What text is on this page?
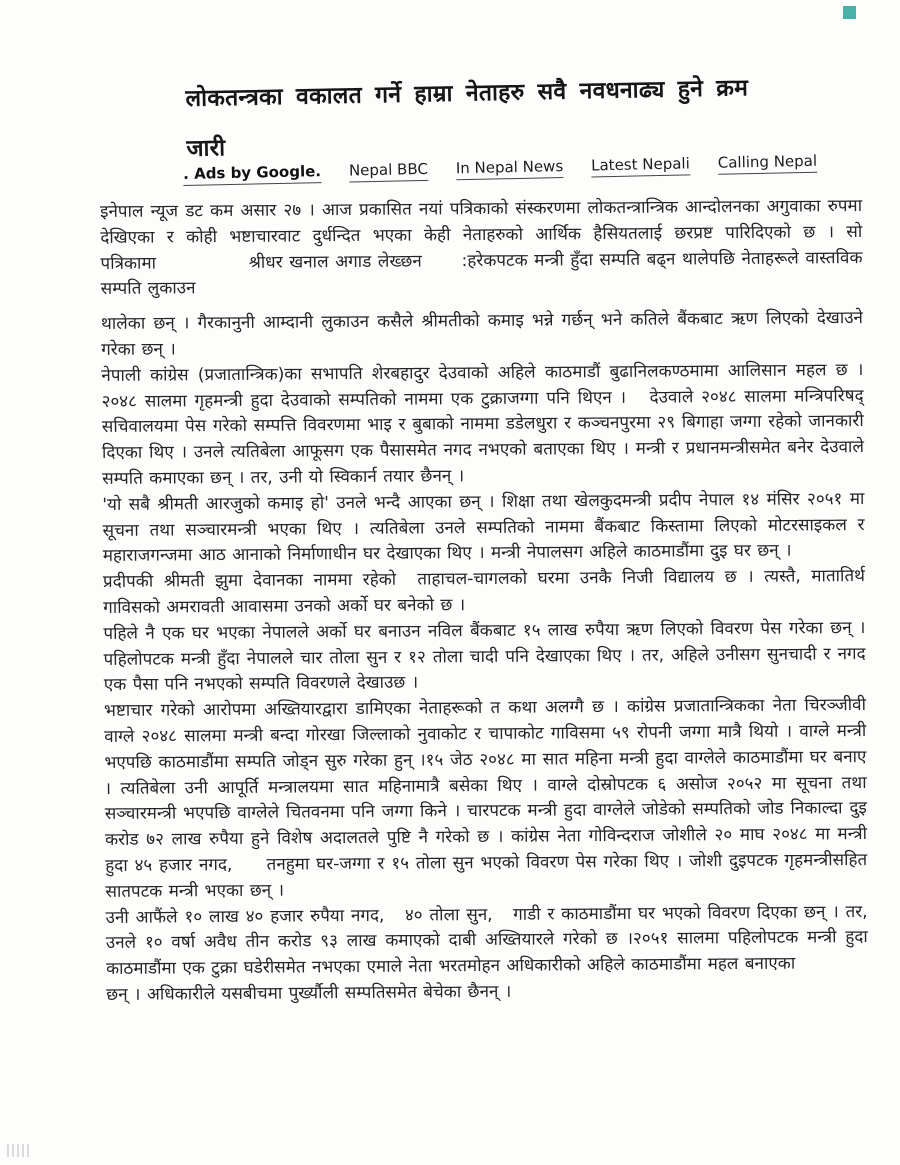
लोकतन्त्रका वकालत गर्ने हाम्रा नेताहरु सवै नवधनाढ्य हुने क्रम
जारी
. Ads by Google. Nepal BBC In Nepal News Latest Nepali Calling Nepal

इनेपाल न्यूज डट कम असार २७ । आज प्रकासित नयां पत्रिकाको संस्करणमा लोकतन्त्रान्त्रिक आन्दोलनका अगुवाका रुपमा देखिएका र कोही भष्टाचारवाट दुर्धन्दित भएका केही नेताहरुको आर्थिक हैसियतलाई छरप्रष्ट पारिदिएको छ । सो पत्रिकामा              श्रीधर खनाल अगाड लेख्छन      :हरेकपटक मन्त्री हुँदा सम्पति बढ्न थालेपछि नेताहरूले वास्तविक सम्पति लुकाउन

थालेका छन् । गैरकानुनी आम्दानी लुकाउन कसैले श्रीमतीको कमाइ भन्ने गर्छन् भने कतिले बैंकबाट ऋण लिएको देखाउने गरेका छन् ।

नेपाली कांग्रेस (प्रजातान्त्रिक)का सभापति शेरबहादुर देउवाको अहिले काठमाडौं बुढानिलकण्ठमामा आलिसान महल छ । २०४८ सालमा गृहमन्त्री हुदा देउवाको सम्पतिको नाममा एक टुक्राजग्गा पनि थिएन ।   देउवाले २०४८ सालमा मन्त्रिपरिषद् सचिवालयमा पेस गरेको सम्पत्ति विवरणमा भाइ र बुबाको नाममा डडेलधुरा र कञ्चनपुरमा २९ बिगाहा जग्गा रहेको जानकारी दिएका थिए । उनले त्यतिबेला आफूसग एक पैसासमेत नगद नभएको बताएका थिए । मन्त्री र प्रधानमन्त्रीसमेत बनेर देउवाले सम्पति कमाएका छन् । तर, उनी यो स्विकार्न तयार छैनन् ।

'यो सबै श्रीमती आरजुको कमाइ हो' उनले भन्दै आएका छन् । शिक्षा तथा खेलकुदमन्त्री प्रदीप नेपाल १४ मंसिर २०५१ मा सूचना तथा सञ्चारमन्त्री भएका थिए । त्यतिबेला उनले सम्पतिको नाममा बैंकबाट किस्तामा लिएको मोटरसाइकल र महाराजगन्जमा आठ आनाको निर्माणाधीन घर देखाएका थिए । मन्त्री नेपालसग अहिले काठमाडौंमा दुइ घर छन् ।

प्रदीपकी श्रीमती झुमा देवानका नाममा रहेको  ताहाचल-चागलको घरमा उनकै निजी विद्यालय छ । त्यस्तै, मातातिर्थ गाविसको अमरावती आवासमा उनको अर्को घर बनेको छ ।

पहिले नै एक घर भएका नेपालले अर्को घर बनाउन नविल बैंकबाट १५ लाख रुपैया ऋण लिएको विवरण पेस गरेका छन् । पहिलोपटक मन्त्री हुँदा नेपालले चार तोला सुन र १२ तोला चादी पनि देखाएका थिए । तर, अहिले उनीसग सुनचादी र नगद एक पैसा पनि नभएको सम्पति विवरणले देखाउछ ।

भष्टाचार गरेको आरोपमा अख्तियारद्वारा डामिएका नेताहरूको त कथा अलग्गै छ । कांग्रेस प्रजातान्त्रिकका नेता चिरञ्जीवी वाग्ले २०४८ सालमा मन्त्री बन्दा गोरखा जिल्लाको नुवाकोट र चापाकोट गाविसमा ५९ रोपनी जग्गा मात्रै थियो । वाग्ले मन्त्री भएपछि काठमाडौंमा सम्पति जोड्न सुरु गरेका हुन् ।१५ जेठ २०४८ मा सात महिना मन्त्री हुदा वाग्लेले काठमाडौंमा घर बनाए । त्यतिबेला उनी आपूर्ति मन्त्रालयमा सात महिनामात्रै बसेका थिए । वाग्ले दोस्रोपटक ६ असोज २०५२ मा सूचना तथा सञ्चारमन्त्री भएपछि वाग्लेले चितवनमा पनि जग्गा किने । चारपटक मन्त्री हुदा वाग्लेले जोडेको सम्पतिको जोड निकाल्दा दुइ करोड ७२ लाख रुपैया हुने विशेष अदालतले पुष्टि नै गरेको छ । कांग्रेस नेता गोविन्दराज जोशीले २० माघ २०४८ मा मन्त्री हुदा ४५ हजार नगद,     तनहुमा घर-जग्गा र १५ तोला सुन भएको विवरण पेस गरेका थिए । जोशी दुइपटक गृहमन्त्रीसहित सातपटक मन्त्री भएका छन् ।

उनी आफैंले १० लाख ४० हजार रुपैया नगद,   ४० तोला सुन,   गाडी र काठमाडौंमा घर भएको विवरण दिएका छन् । तर, उनले १० वर्षा अवैध तीन करोड ९३ लाख कमाएको दाबी अख्तियारले गरेको छ ।२०५१ सालमा पहिलोपटक मन्त्री हुदा काठमाडौंमा एक टुक्रा घडेरीसमेत नभएका एमाले नेता भरतमोहन अधिकारीको अहिले काठमाडौंमा महल बनाएका

छन् । अधिकारीले यसबीचमा पुर्ख्यौली सम्पतिसमेत बेचेका छैनन् ।
